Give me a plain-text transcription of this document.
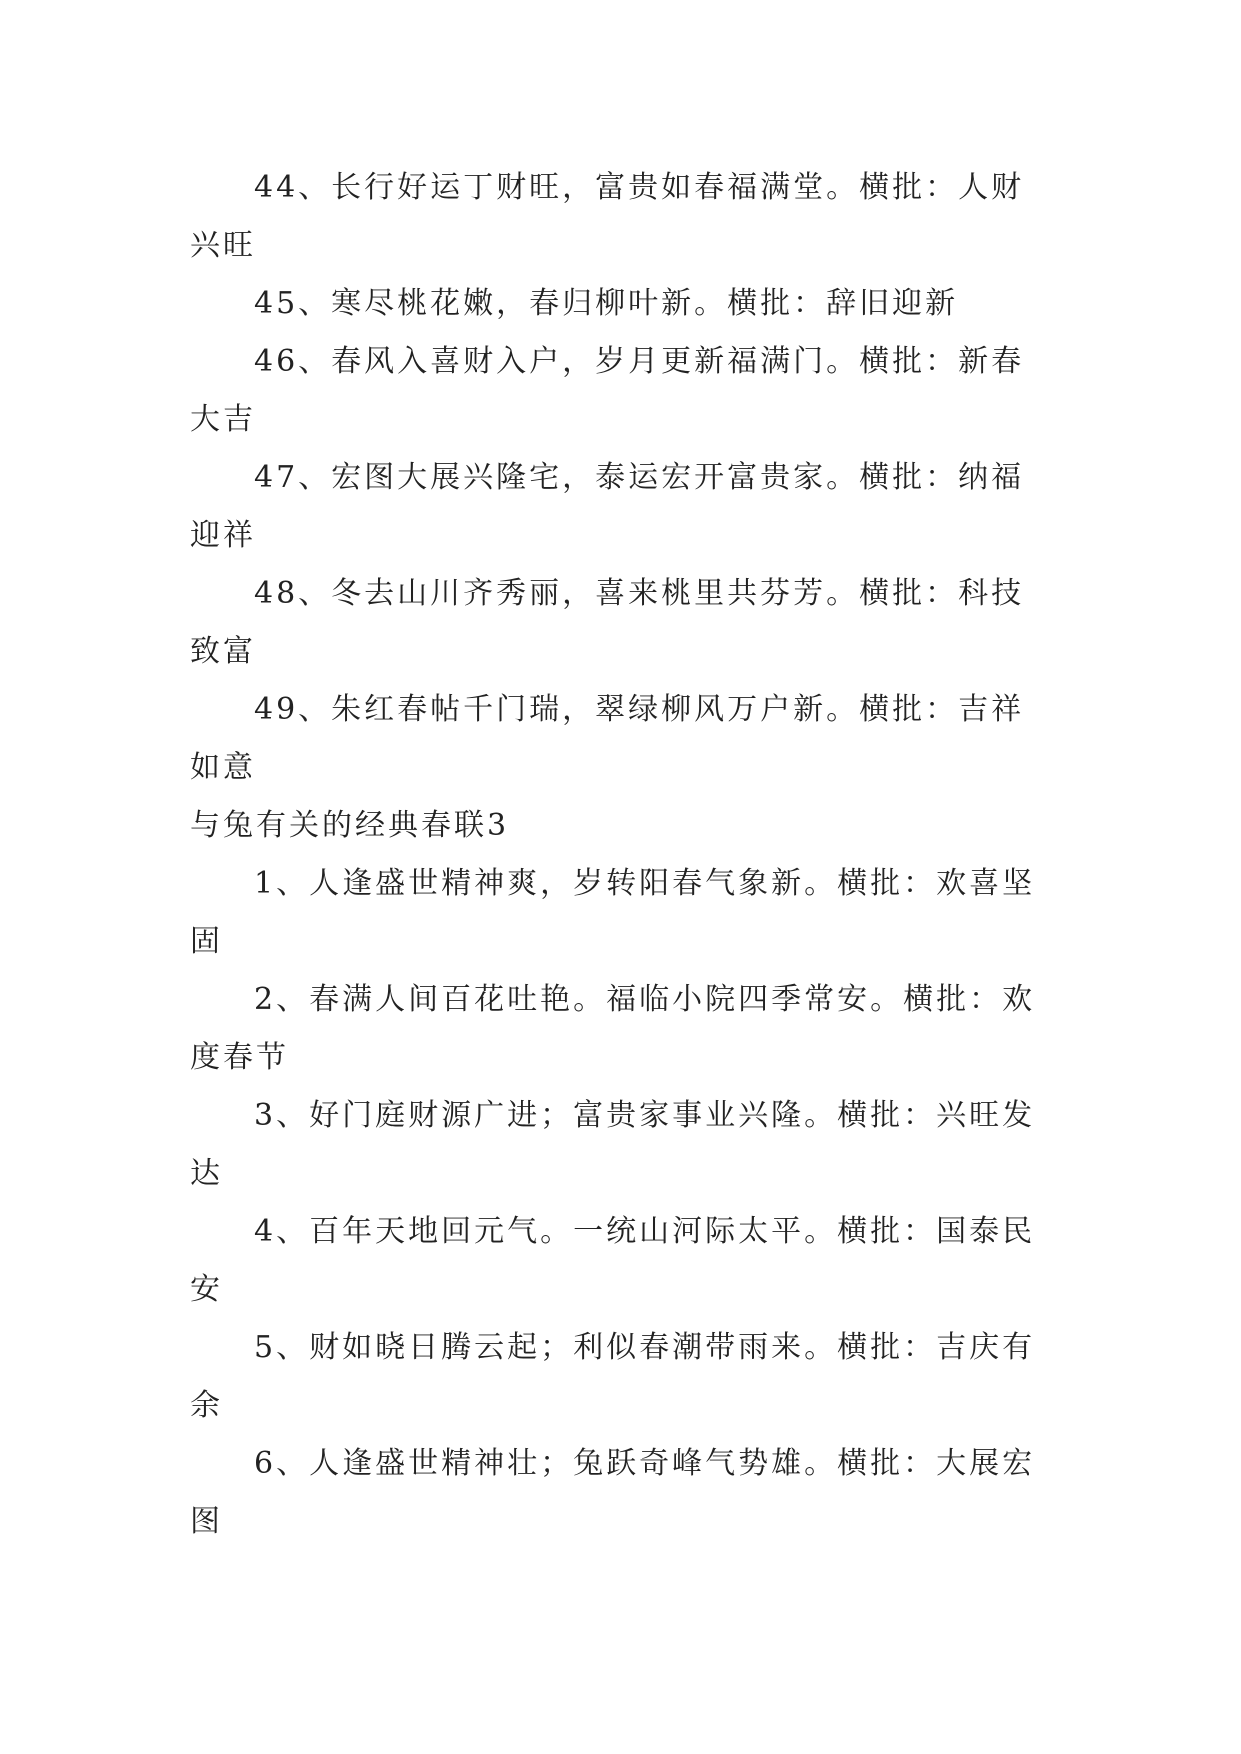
44、长行好运丁财旺，富贵如春福满堂。横批：人财兴旺

45、寒尽桃花嫩，春归柳叶新。横批：辞旧迎新

46、春风入喜财入户，岁月更新福满门。横批：新春大吉

47、宏图大展兴隆宅，泰运宏开富贵家。横批：纳福迎祥

48、冬去山川齐秀丽，喜来桃里共芬芳。横批：科技致富

49、朱红春帖千门瑞，翠绿柳风万户新。横批：吉祥如意

与兔有关的经典春联3

1、人逢盛世精神爽，岁转阳春气象新。横批：欢喜坚固

2、春满人间百花吐艳。福临小院四季常安。横批：欢度春节

3、好门庭财源广进；富贵家事业兴隆。横批：兴旺发达

4、百年天地回元气。一统山河际太平。横批：国泰民安

5、财如晓日腾云起；利似春潮带雨来。横批：吉庆有余

6、人逢盛世精神壮；兔跃奇峰气势雄。横批：大展宏图
